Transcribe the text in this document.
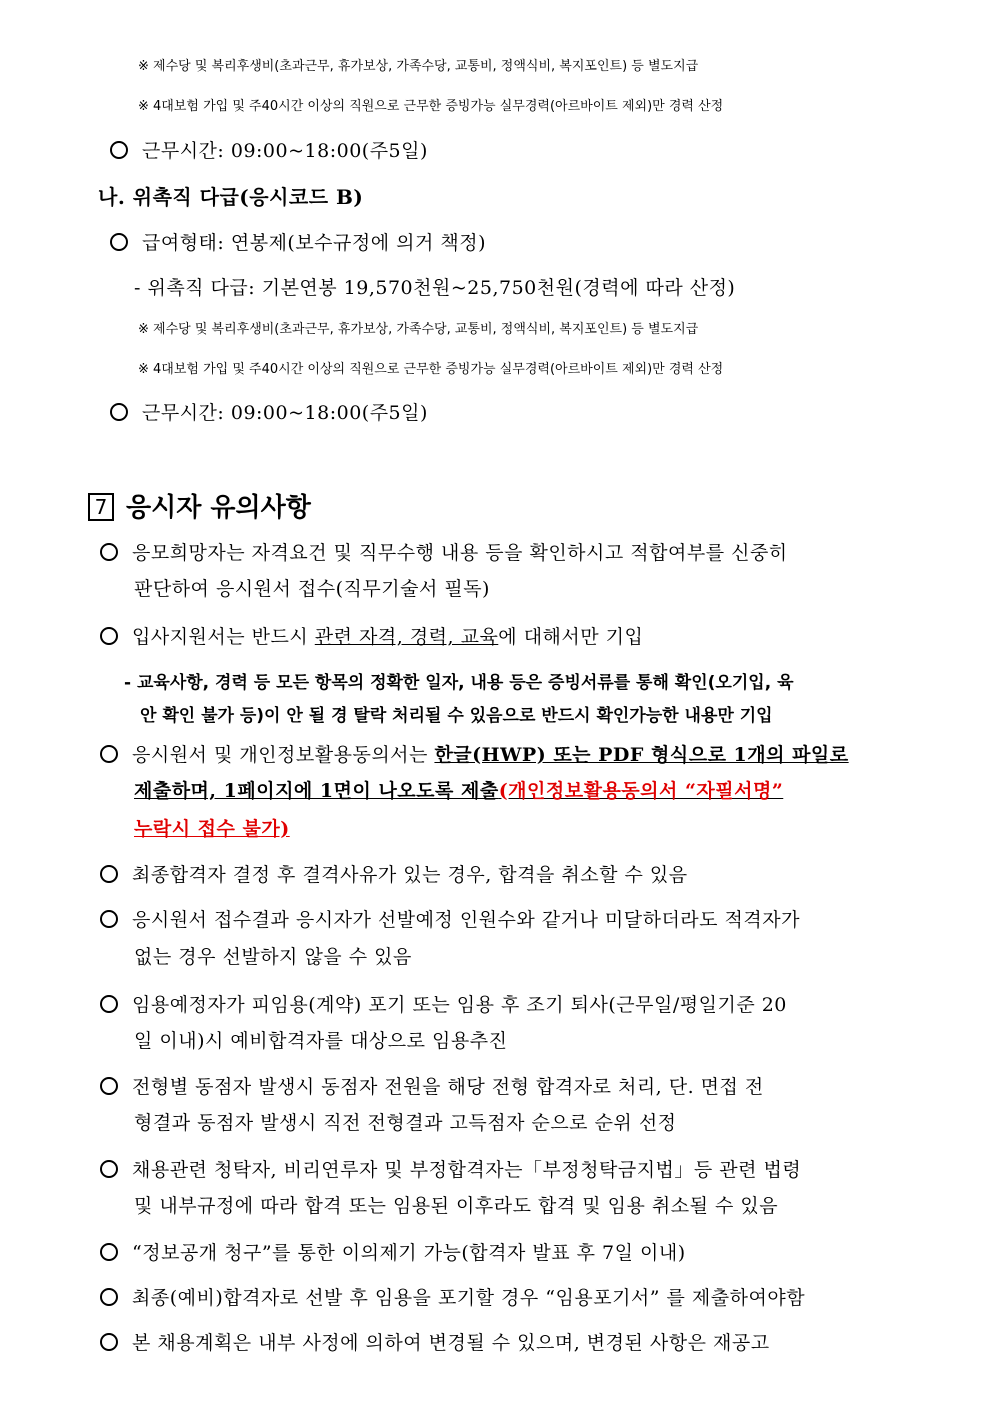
※ 제수당 및 복리후생비(초과근무, 휴가보상, 가족수당, 교통비, 정액식비, 복지포인트) 등 별도지급
※ 4대보험 가입 및 주40시간 이상의 직원으로 근무한 증빙가능 실무경력(아르바이트 제외)만 경력 산정
근무시간: 09:00~18:00(주5일)
나. 위촉직 다급(응시코드 B)
급여형태: 연봉제(보수규정에 의거 책정)
- 위촉직 다급: 기본연봉 19,570천원~25,750천원(경력에 따라 산정)
※ 제수당 및 복리후생비(초과근무, 휴가보상, 가족수당, 교통비, 정액식비, 복지포인트) 등 별도지급
※ 4대보험 가입 및 주40시간 이상의 직원으로 근무한 증빙가능 실무경력(아르바이트 제외)만 경력 산정
근무시간: 09:00~18:00(주5일)
7 응시자 유의사항
응모희망자는 자격요건 및 직무수행 내용 등을 확인하시고 적합여부를 신중히
판단하여 응시원서 접수(직무기술서 필독)
입사지원서는 반드시 관련 자격, 경력, 교육에 대해서만 기입
- 교육사항, 경력 등 모든 항목의 정확한 일자, 내용 등은 증빙서류를 통해 확인(오기입, 육
안 확인 불가 등)이 안 될 경 탈락 처리될 수 있음으로 반드시 확인가능한 내용만 기입
응시원서 및 개인정보활용동의서는 한글(HWP) 또는 PDF 형식으로 1개의 파일로
제출하며, 1페이지에 1면이 나오도록 제출(개인정보활용동의서 “자필서명”
누락시 접수 불가)
최종합격자 결정 후 결격사유가 있는 경우, 합격을 취소할 수 있음
응시원서 접수결과 응시자가 선발예정 인원수와 같거나 미달하더라도 적격자가
없는 경우 선발하지 않을 수 있음
임용예정자가 피임용(계약) 포기 또는 임용 후 조기 퇴사(근무일/평일기준 20
일 이내)시 예비합격자를 대상으로 임용추진
전형별 동점자 발생시 동점자 전원을 해당 전형 합격자로 처리, 단. 면접 전
형결과 동점자 발생시 직전 전형결과 고득점자 순으로 순위 선정
채용관련 청탁자, 비리연루자 및 부정합격자는「부정청탁금지법」등 관련 법령
및 내부규정에 따라 합격 또는 임용된 이후라도 합격 및 임용 취소될 수 있음
“정보공개 청구”를 통한 이의제기 가능(합격자 발표 후 7일 이내)
최종(예비)합격자로 선발 후 임용을 포기할 경우 “임용포기서” 를 제출하여야함
본 채용계획은 내부 사정에 의하여 변경될 수 있으며, 변경된 사항은 재공고
